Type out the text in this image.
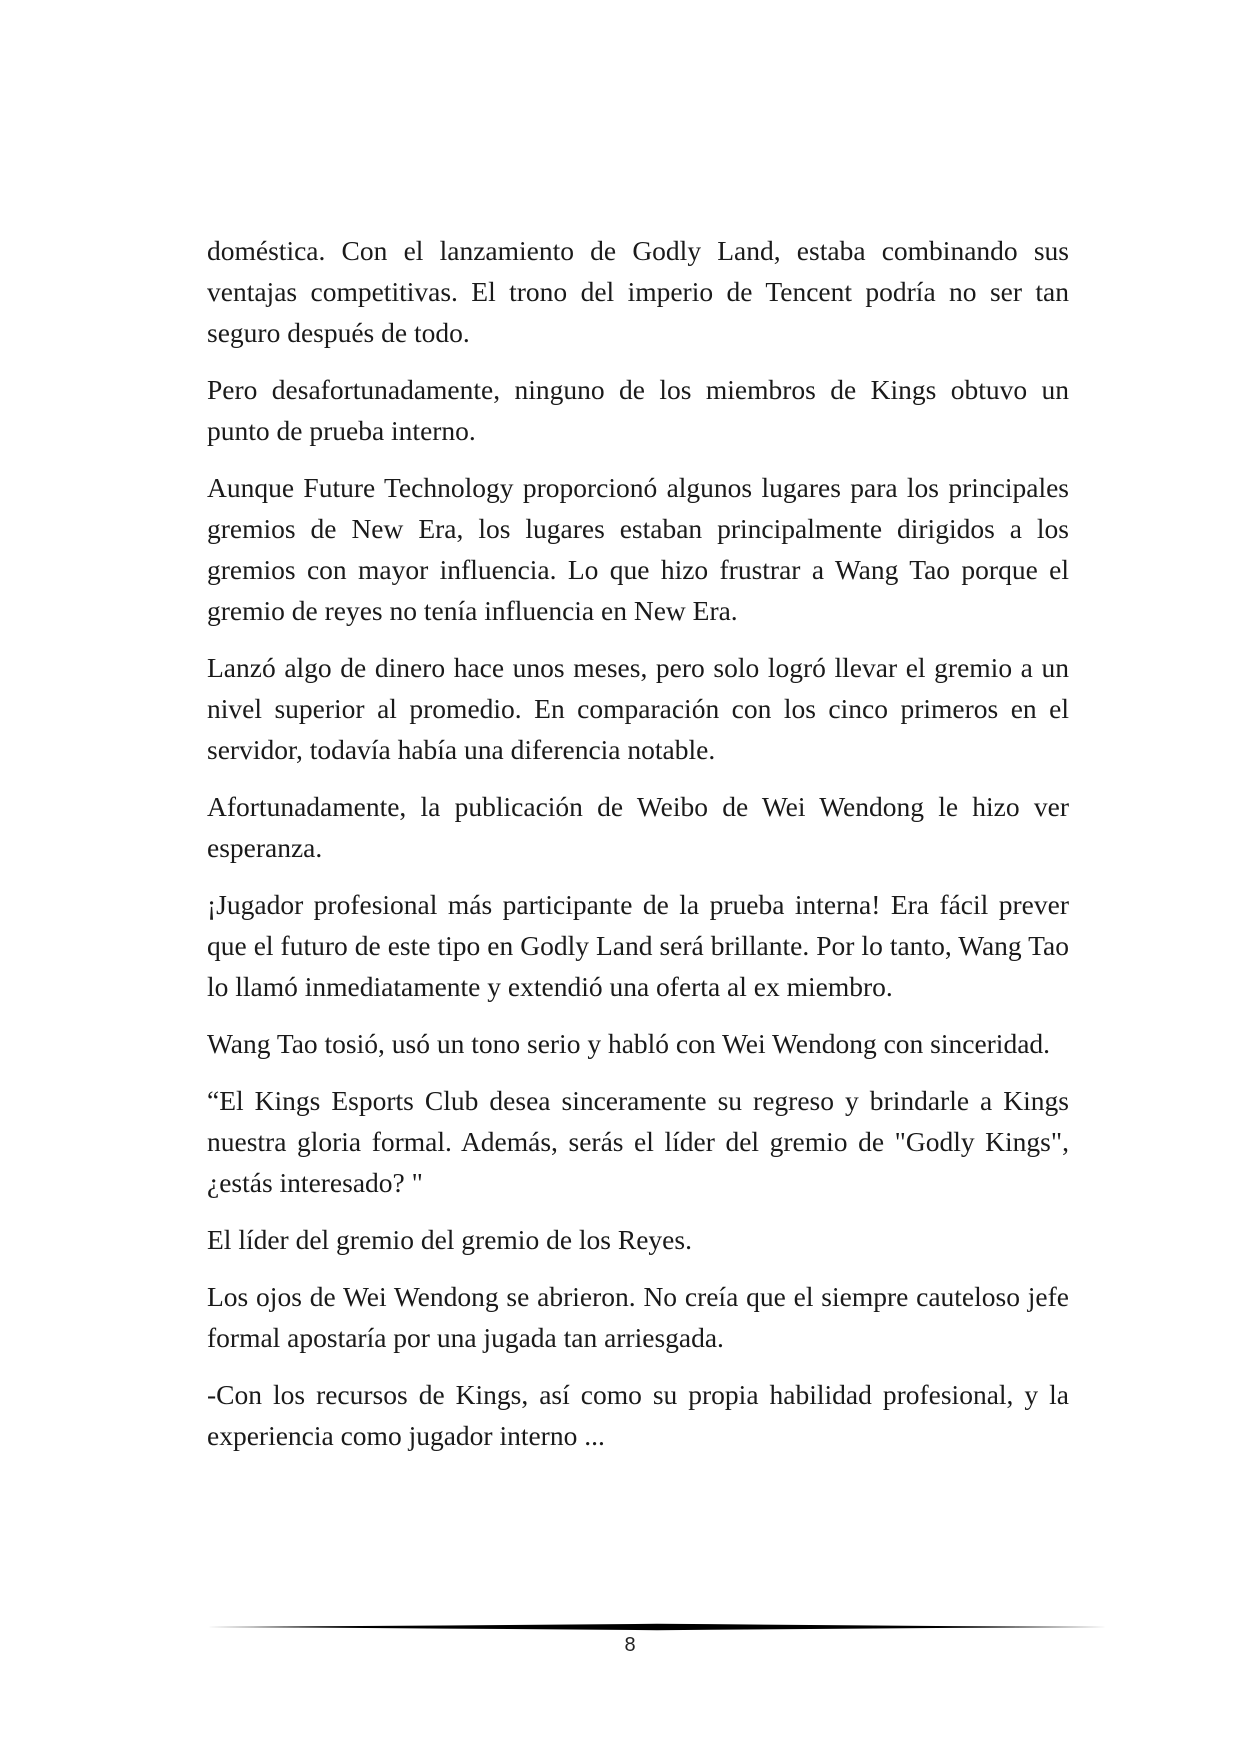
doméstica. Con el lanzamiento de Godly Land, estaba combinando sus ventajas competitivas. El trono del imperio de Tencent podría no ser tan seguro después de todo.

Pero desafortunadamente, ninguno de los miembros de Kings obtuvo un punto de prueba interno.

Aunque Future Technology proporcionó algunos lugares para los principales gremios de New Era, los lugares estaban principalmente dirigidos a los gremios con mayor influencia. Lo que hizo frustrar a Wang Tao porque el gremio de reyes no tenía influencia en New Era.

Lanzó algo de dinero hace unos meses, pero solo logró llevar el gremio a un nivel superior al promedio. En comparación con los cinco primeros en el servidor, todavía había una diferencia notable.

Afortunadamente, la publicación de Weibo de Wei Wendong le hizo ver esperanza.

¡Jugador profesional más participante de la prueba interna! Era fácil prever que el futuro de este tipo en Godly Land será brillante. Por lo tanto, Wang Tao lo llamó inmediatamente y extendió una oferta al ex miembro.

Wang Tao tosió, usó un tono serio y habló con Wei Wendong con sinceridad.

“El Kings Esports Club desea sinceramente su regreso y brindarle a Kings nuestra gloria formal. Además, serás el líder del gremio de "Godly Kings", ¿estás interesado? "

El líder del gremio del gremio de los Reyes.

Los ojos de Wei Wendong se abrieron. No creía que el siempre cauteloso jefe formal apostaría por una jugada tan arriesgada.

-Con los recursos de Kings, así como su propia habilidad profesional, y la experiencia como jugador interno ...

8
